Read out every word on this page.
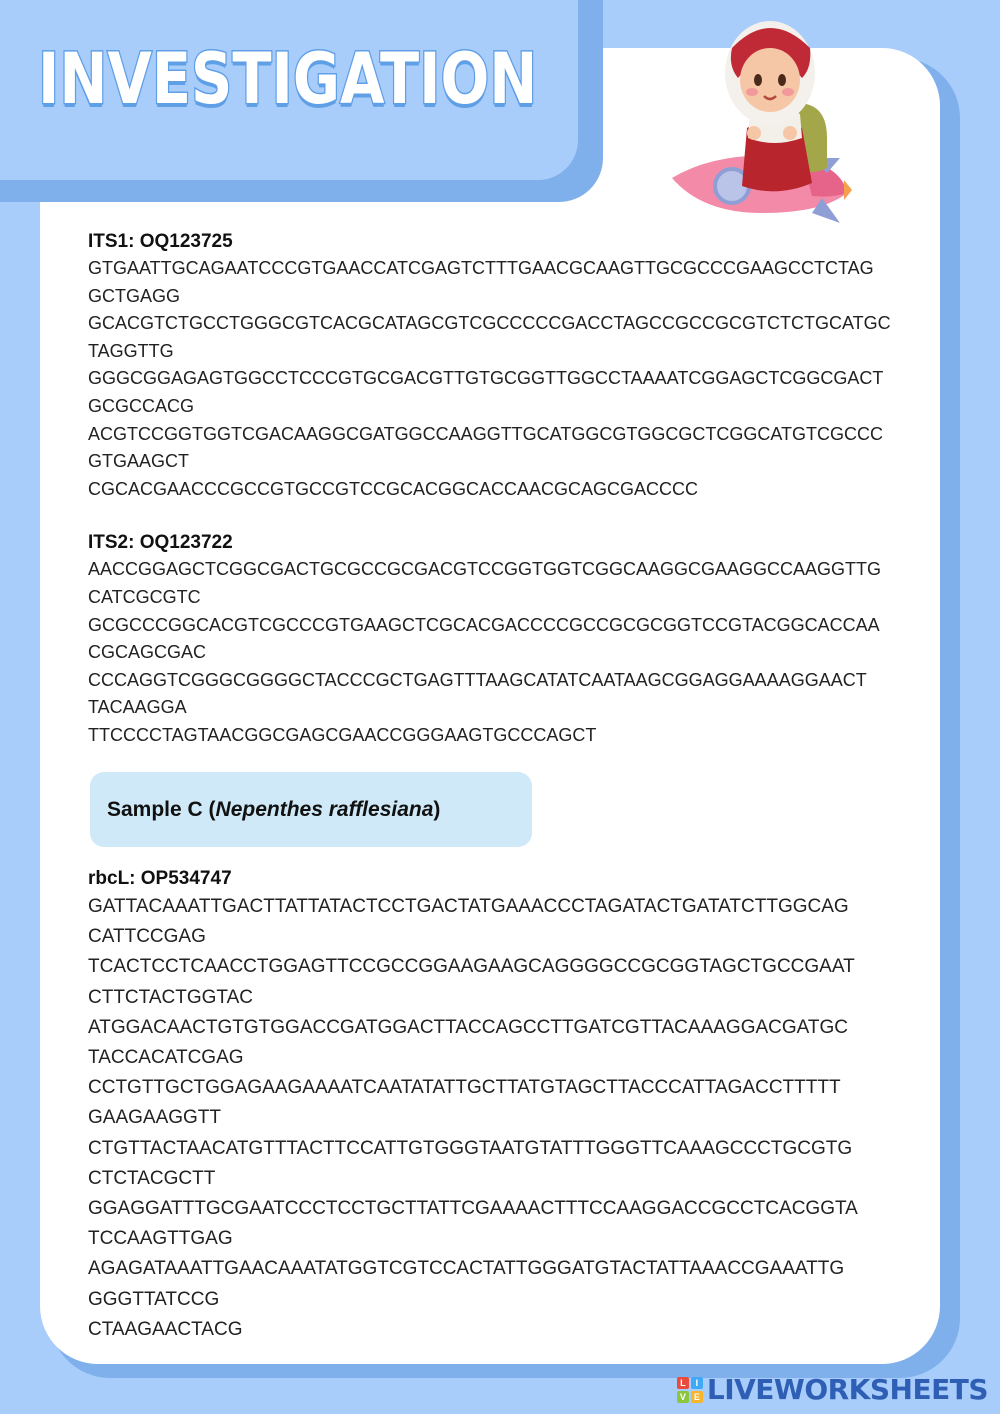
INVESTIGATION

ITS1: OQ123725

GTGAATTGCAGAATCCCGTGAACCATCGAGTCTTTGAACGCAAGTTGCGCCCGAAGCCTCTAG
GCTGAGG
GCACGTCTGCCTGGGCGTCACGCATAGCGTCGCCCCCGACCTAGCCGCCGCGTCTCTGCATGC
TAGGTTG
GGGCGGAGAGTGGCCTCCCGTGCGACGTTGTGCGGTTGGCCTAAAATCGGAGCTCGGCGACT
GCGCCACG
ACGTCCGGTGGTCGACAAGGCGATGGCCAAGGTTGCATGGCGTGGCGCTCGGCATGTCGCCC
GTGAAGCT
CGCACGAACCCGCCGTGCCGTCCGCACGGCACCAACGCAGCGACCCC

ITS2: OQ123722

AACCGGAGCTCGGCGACTGCGCCGCGACGTCCGGTGGTCGGCAAGGCGAAGGCCAAGGTTG
CATCGCGTC
GCGCCCGGCACGTCGCCCGTGAAGCTCGCACGACCCCGCCGCGCGGTCCGTACGGCACCAA
CGCAGCGAC
CCCAGGTCGGGCGGGGCTACCCGCTGAGTTTAAGCATATCAATAAGCGGAGGAAAAGGAACT
TACAAGGA
TTCCCCTAGTAACGGCGAGCGAACCGGGAAGTGCCCAGCT
Sample C ( Nepenthes rafflesiana )

rbcL: OP534747

GATTACAAATTGACTTATTATACTCCTGACTATGAAACCCTAGATACTGATATCTTGGCAG
CATTCCGAG
TCACTCCTCAACCTGGAGTTCCGCCGGAAGAAGCAGGGGCCGCGGTAGCTGCCGAAT
CTTCTACTGGTAC
ATGGACAACTGTGTGGACCGATGGACTTACCAGCCTTGATCGTTACAAAGGACGATGC
TACCACATCGAG
CCTGTTGCTGGAGAAGAAAATCAATATATTGCTTATGTAGCTTACCCATTAGACCTTTTT
GAAGAAGGTT
CTGTTACTAACATGTTTACTTCCATTGTGGGTAATGTATTTGGGTTCAAAGCCCTGCGTG
CTCTACGCTT
GGAGGATTTGCGAATCCCTCCTGCTTATTCGAAAACTTTCCAAGGACCGCCTCACGGTA
TCCAAGTTGAG
AGAGATAAATTGAACAAATATGGTCGTCCACTATTGGGATGTACTATTAAACCGAAATTG
GGGTTATCCG
CTAAGAACTACG
L	I
V E LIVEWORKSHEETS
